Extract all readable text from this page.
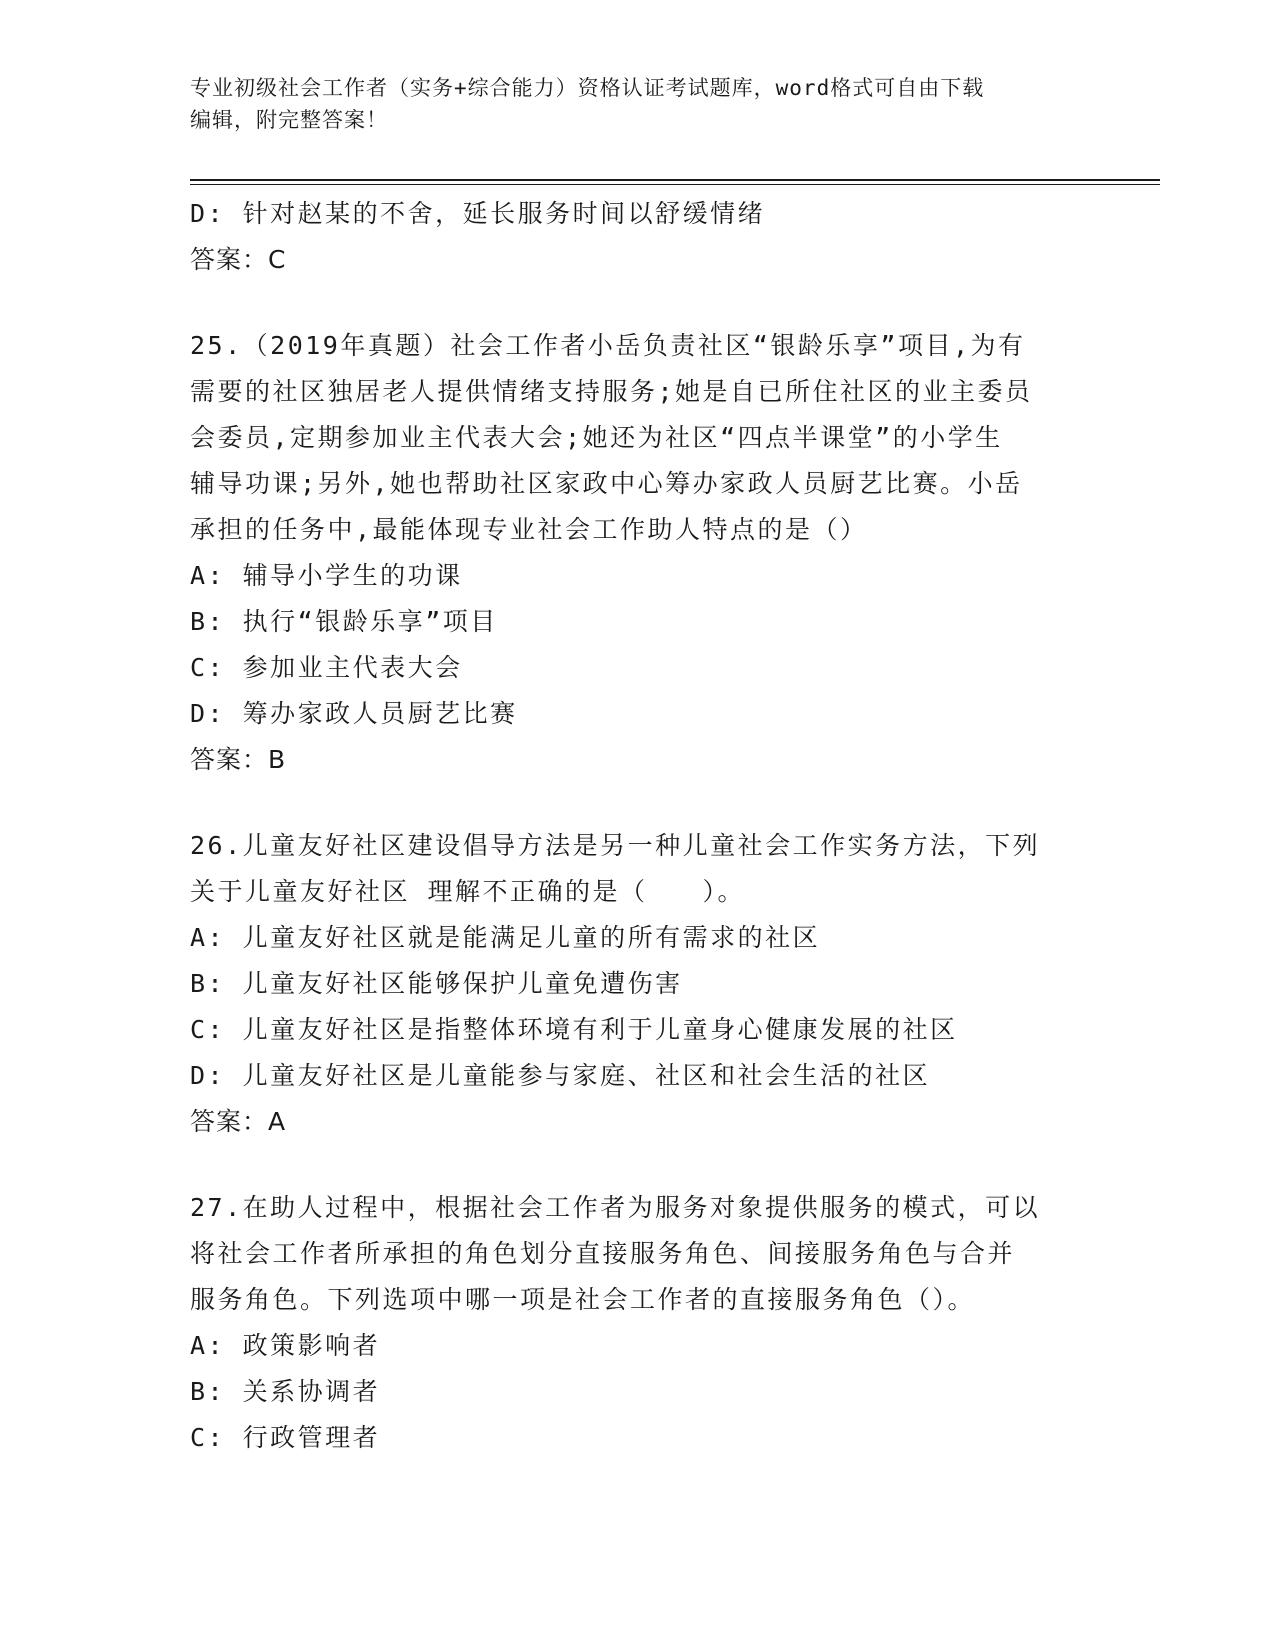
专业初级社会工作者（实务+综合能力）资格认证考试题库，word格式可自由下载
编辑，附完整答案！
D: 针对赵某的不舍，延长服务时间以舒缓情绪
答案：C
25.（2019年真题）社会工作者小岳负责社区“银龄乐享”项目,为有
需要的社区独居老人提供情绪支持服务;她是自已所住社区的业主委员
会委员,定期参加业主代表大会;她还为社区“四点半课堂”的小学生
辅导功课;另外,她也帮助社区家政中心筹办家政人员厨艺比赛。小岳
承担的任务中,最能体现专业社会工作助人特点的是（）
A: 辅导小学生的功课
B: 执行“银龄乐享”项目
C: 参加业主代表大会
D: 筹办家政人员厨艺比赛
答案：B
26.儿童友好社区建设倡导方法是另一种儿童社会工作实务方法，下列
关于儿童友好社区 理解不正确的是（　　）。
A: 儿童友好社区就是能满足儿童的所有需求的社区
B: 儿童友好社区能够保护儿童免遭伤害
C: 儿童友好社区是指整体环境有利于儿童身心健康发展的社区
D: 儿童友好社区是儿童能参与家庭、社区和社会生活的社区
答案：A
27.在助人过程中，根据社会工作者为服务对象提供服务的模式，可以
将社会工作者所承担的角色划分直接服务角色、间接服务角色与合并
服务角色。下列选项中哪一项是社会工作者的直接服务角色（）。
A: 政策影响者
B: 关系协调者
C: 行政管理者
